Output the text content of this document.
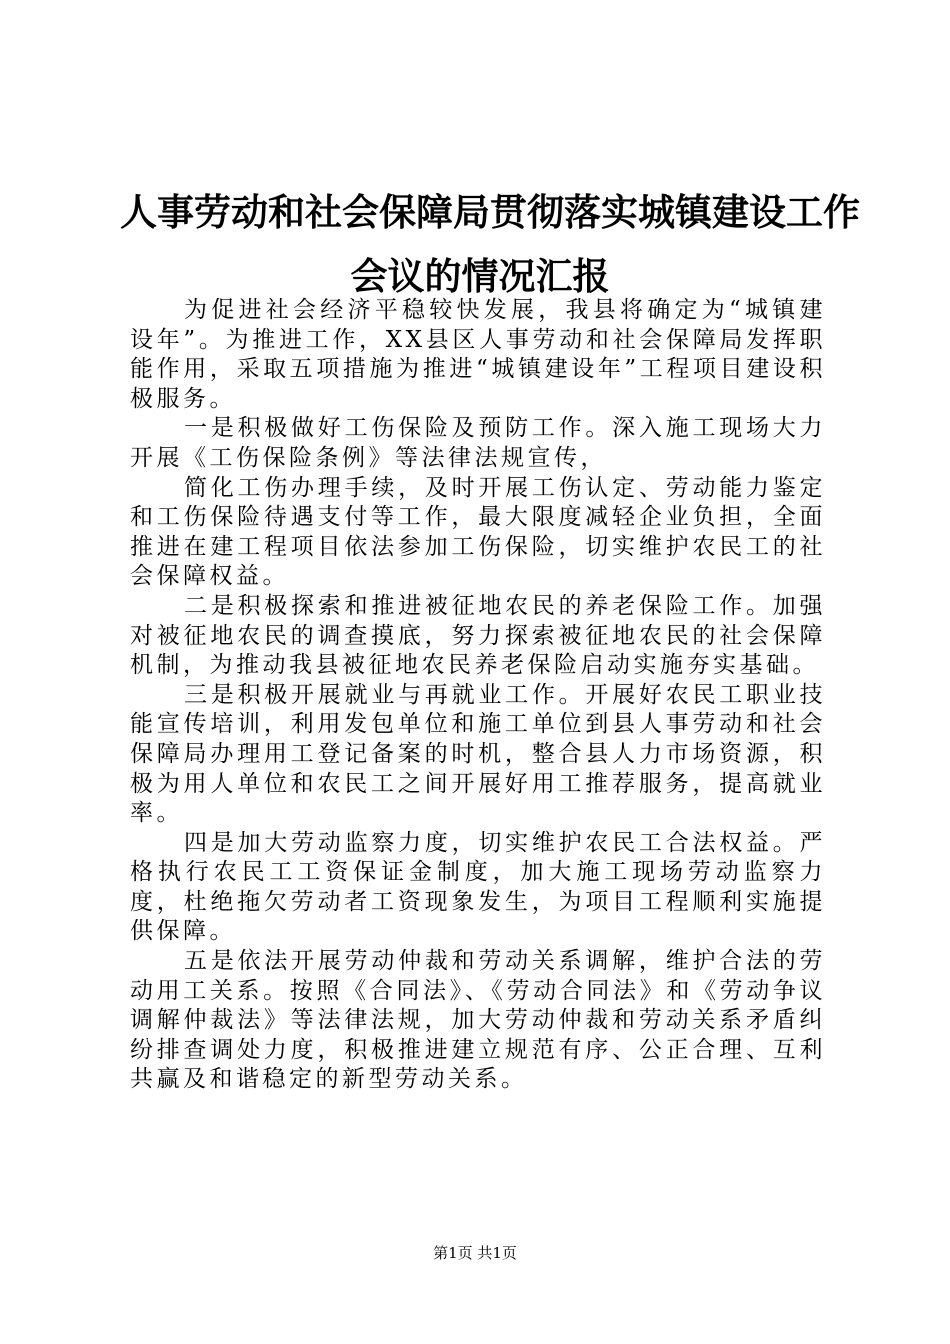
人事劳动和社会保障局贯彻落实城镇建设工作
会议的情况汇报

为促进社会经济平稳较快发展，我县将确定为“城镇建设年”。为推进工作，XX县区人事劳动和社会保障局发挥职能作用，采取五项措施为推进“城镇建设年”工程项目建设积极服务。

一是积极做好工伤保险及预防工作。深入施工现场大力开展《工伤保险条例》等法律法规宣传，

简化工伤办理手续，及时开展工伤认定、劳动能力鉴定和工伤保险待遇支付等工作，最大限度减轻企业负担，全面推进在建工程项目依法参加工伤保险，切实维护农民工的社会保障权益。

二是积极探索和推进被征地农民的养老保险工作。加强对被征地农民的调查摸底，努力探索被征地农民的社会保障机制，为推动我县被征地农民养老保险启动实施夯实基础。

三是积极开展就业与再就业工作。开展好农民工职业技能宣传培训，利用发包单位和施工单位到县人事劳动和社会保障局办理用工登记备案的时机，整合县人力市场资源，积极为用人单位和农民工之间开展好用工推荐服务，提高就业率。

四是加大劳动监察力度，切实维护农民工合法权益。严格执行农民工工资保证金制度，加大施工现场劳动监察力度，杜绝拖欠劳动者工资现象发生，为项目工程顺利实施提供保障。

五是依法开展劳动仲裁和劳动关系调解，维护合法的劳动用工关系。按照《合同法》、《劳动合同法》和《劳动争议调解仲裁法》等法律法规，加大劳动仲裁和劳动关系矛盾纠纷排查调处力度，积极推进建立规范有序、公正合理、互利共赢及和谐稳定的新型劳动关系。

第1页 共1页
